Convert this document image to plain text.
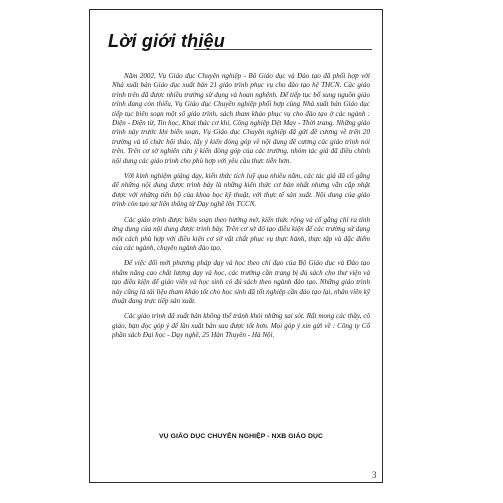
Lời giới thiệu

Năm 2002, Vụ Giáo dục Chuyên nghiệp - Bộ Giáo dục và Đào tạo đã phối hợp với Nhà xuất bản Giáo dục xuất bản 21 giáo trình phục vụ cho đào tạo hệ THCN. Các giáo trình trên đã được nhiều trường sử dụng và hoan nghênh. Để tiếp tục bổ sung nguồn giáo trình đang còn thiếu, Vụ Giáo dục Chuyên nghiệp phối hợp cùng Nhà xuất bản Giáo dục tiếp tục biên soạn một số giáo trình, sách tham khảo phục vụ cho đào tạo ở các ngành : Điện - Điện tử, Tin học, Khai thác cơ khí, Công nghiệp Dệt May - Thời trang. Những giáo trình này trước khi biên soạn, Vụ Giáo dục Chuyên nghiệp đã gửi đề cương về trên 20 trường và tổ chức hội thảo, lấy ý kiến đóng góp về nội dung đề cương các giáo trình nói trên. Trên cơ sở nghiên cứu ý kiến đóng góp của các trường, nhóm tác giả đã điều chỉnh nội dung các giáo trình cho phù hợp với yêu cầu thực tiễn hơn.

Với kinh nghiệm giảng dạy, kiến thức tích luỹ qua nhiều năm, các tác giả đã cố gắng để những nội dung được trình bày là những kiến thức cơ bản nhất nhưng vẫn cập nhật được với những tiến bộ của khoa học kỹ thuật, với thực tế sản xuất. Nội dung của giáo trình còn tạo sự liên thông từ Dạy nghề lên TCCN.

Các giáo trình được biên soạn theo hướng mở, kiến thức rộng và cố gắng chỉ ra tính ứng dụng của nội dung được trình bày. Trên cơ sở đó tạo điều kiện để các trường sử dụng một cách phù hợp với điều kiện cơ sở vật chất phục vụ thực hành, thực tập và đặc điểm của các ngành, chuyên ngành đào tạo.

Để việc đổi mới phương pháp dạy và học theo chỉ đạo của Bộ Giáo dục và Đào tạo nhằm nâng cao chất lượng dạy và học, các trường cần trang bị đủ sách cho thư viện và tạo điều kiện để giáo viên và học sinh có đủ sách theo ngành đào tạo. Những giáo trình này cũng là tài liệu tham khảo tốt cho học sinh đã tốt nghiệp cần đào tạo lại, nhân viên kỹ thuật đang trực tiếp sản xuất.

Các giáo trình đã xuất bản không thể tránh khỏi những sai sót. Rất mong các thầy, cô giáo, bạn đọc góp ý để lần xuất bản sau được tốt hơn. Mọi góp ý xin gửi về : Công ty Cổ phần sách Đại học - Dạy nghề, 25 Hàn Thuyên - Hà Nội.

VỤ GIÁO DỤC CHUYÊN NGHIỆP - NXB GIÁO DỤC
3
